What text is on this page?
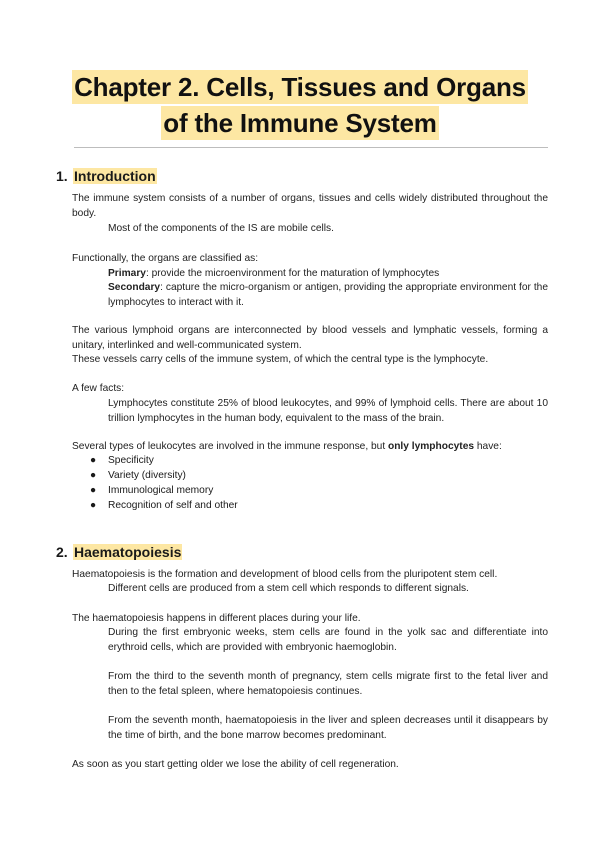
Chapter 2. Cells, Tissues and Organs
of the Immune System
1. Introduction
The immune system consists of a number of organs, tissues and cells widely distributed throughout the body.
Most of the components of the IS are mobile cells.
Functionally, the organs are classified as:
Primary: provide the microenvironment for the maturation of lymphocytes
Secondary: capture the micro-organism or antigen, providing the appropriate environment for the lymphocytes to interact with it.
The various lymphoid organs are interconnected by blood vessels and lymphatic vessels, forming a unitary, interlinked and well-communicated system.
These vessels carry cells of the immune system, of which the central type is the lymphocyte.
A few facts:
Lymphocytes constitute 25% of blood leukocytes, and 99% of lymphoid cells. There are about 10 trillion lymphocytes in the human body, equivalent to the mass of the brain.
Several types of leukocytes are involved in the immune response, but only lymphocytes have:
● Specificity
● Variety (diversity)
● Immunological memory
● Recognition of self and other
2. Haematopoiesis
Haematopoiesis is the formation and development of blood cells from the pluripotent stem cell.
Different cells are produced from a stem cell which responds to different signals.
The haematopoiesis happens in different places during your life.
During the first embryonic weeks, stem cells are found in the yolk sac and differentiate into erythroid cells, which are provided with embryonic haemoglobin.
From the third to the seventh month of pregnancy, stem cells migrate first to the fetal liver and then to the fetal spleen, where hematopoiesis continues.
From the seventh month, haematopoiesis in the liver and spleen decreases until it disappears by the time of birth, and the bone marrow becomes predominant.
As soon as you start getting older we lose the ability of cell regeneration.
